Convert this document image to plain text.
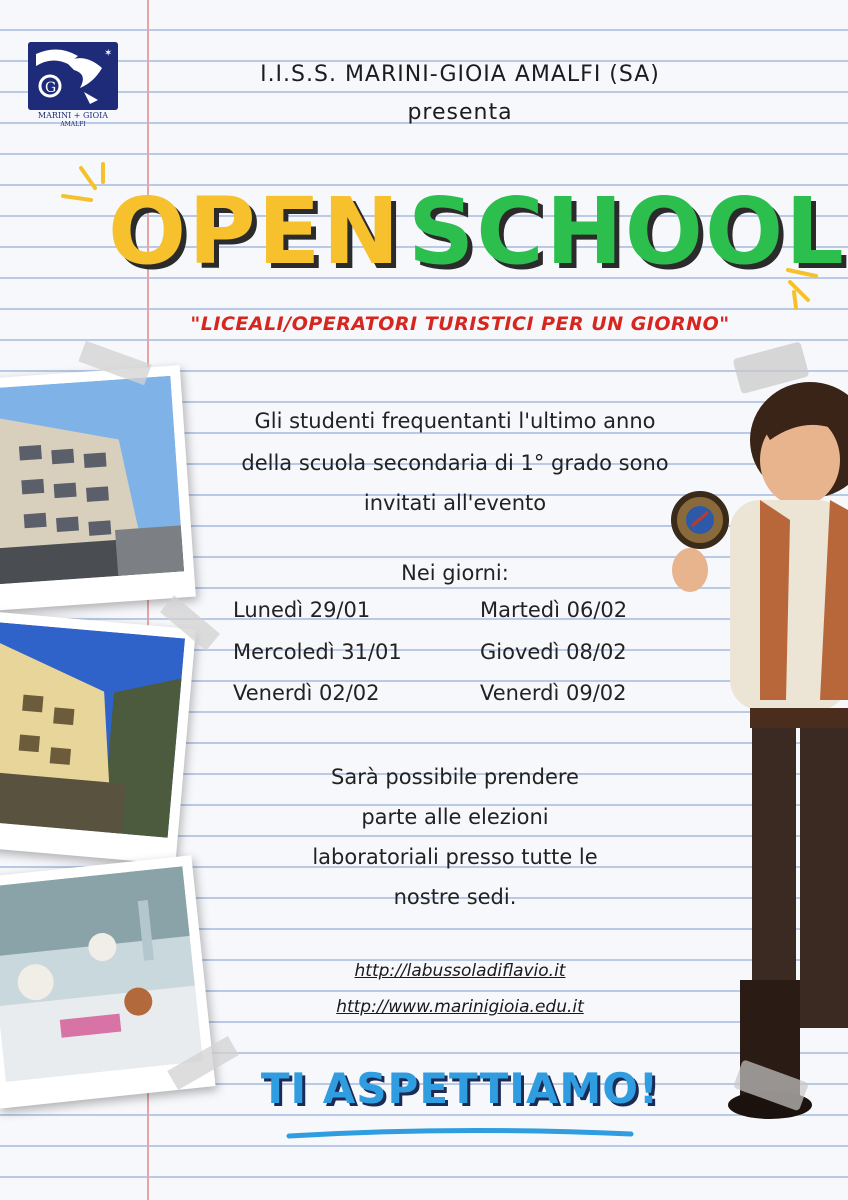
G
✶
MARINI + GIOIA
AMALFI
I.I.S.S. MARINI-GIOIA AMALFI (SA)
presenta
OPEN SCHOOL
"LICEALI/OPERATORI TURISTICI PER UN GIORNO"
Gli studenti frequentanti l'ultimo anno
della scuola secondaria di 1° grado sono
invitati all'evento
Nei giorni:
Lunedì 29/01
Mercoledì 31/01
Venerdì 02/02
Martedì 06/02
Giovedì 08/02
Venerdì 09/02
Sarà possibile prendere
parte alle elezioni
laboratoriali presso tutte le
nostre sedi.
http://labussoladiflavio.it
http://www.marinigioia.edu.it
TI ASPETTIAMO!
